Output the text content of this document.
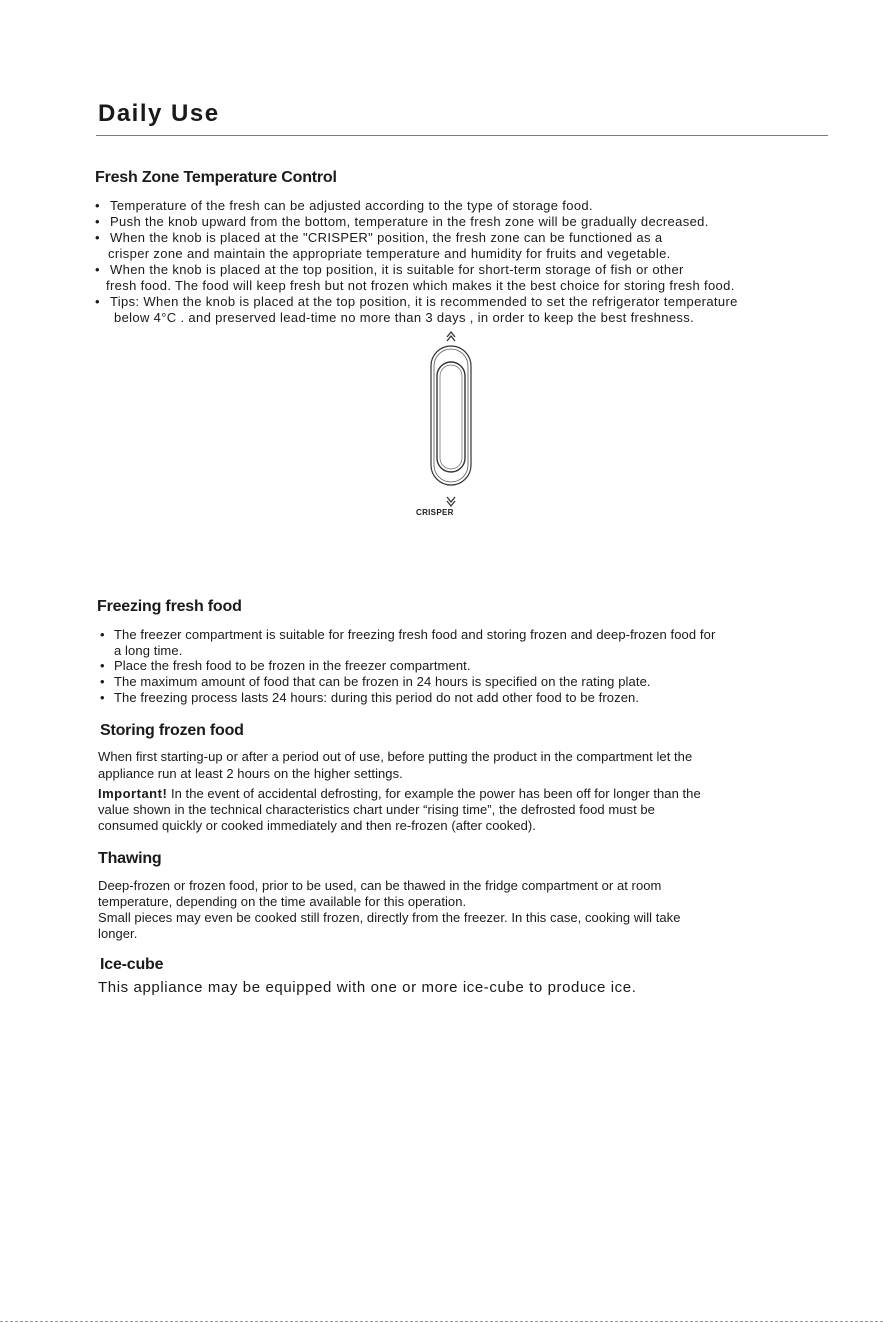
Daily Use
Fresh Zone Temperature Control
• Temperature of the fresh can be adjusted according to the type of storage food.
• Push the knob upward from the bottom, temperature in the fresh zone will be gradually decreased.
• When the knob is placed at the "CRISPER" position, the fresh zone can be functioned as a
crisper zone and maintain the appropriate temperature and humidity for fruits and vegetable.
• When the knob is placed at the top position, it is suitable for short-term storage of fish or other
fresh food. The food will keep fresh but not frozen which makes it the best choice for storing fresh food.
• Tips: When the knob is placed at the top position, it is recommended to set the refrigerator temperature
below 4°C . and preserved lead-time no more than 3 days , in order to keep the best freshness.
CRISPER
Freezing fresh food
• The freezer compartment is suitable for freezing fresh food and storing frozen and deep-frozen food for
a long time.
• Place the fresh food to be frozen in the freezer compartment.
• The maximum amount of food that can be frozen in 24 hours is specified on the rating plate.
• The freezing process lasts 24 hours: during this period do not add other food to be frozen.
Storing frozen food
When first starting-up or after a period out of use, before putting the product in the compartment let the
appliance run at least 2 hours on the higher settings.
Important! In the event of accidental defrosting, for example the power has been off for longer than the
value shown in the technical characteristics chart under “rising time”, the defrosted food must be
consumed quickly or cooked immediately and then re-frozen (after cooked).
Thawing
Deep-frozen or frozen food, prior to be used, can be thawed in the fridge compartment or at room
temperature, depending on the time available for this operation.
Small pieces may even be cooked still frozen, directly from the freezer. In this case, cooking will take
longer.
Ice-cube
This appliance may be equipped with one or more ice-cube to produce ice.
